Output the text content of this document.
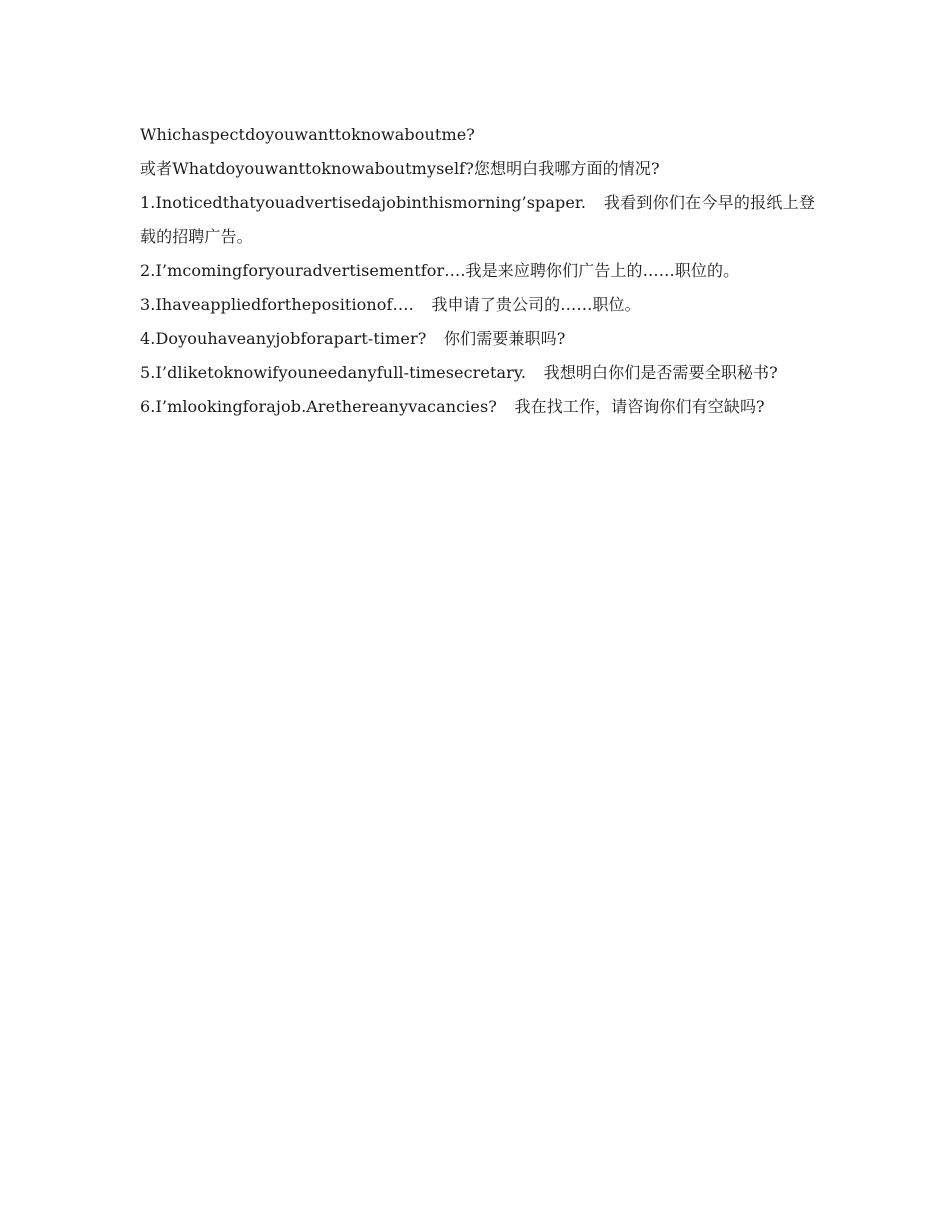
Whichaspectdoyouwanttoknowaboutme?
或者Whatdoyouwanttoknowaboutmyself?您想明白我哪方面的情况?
1.Inoticedthatyouadvertisedajobinthismorning’spaper. 我看到你们在今早的报纸上登载的招聘广告。
2.I’mcomingforyouradvertisementfor….我是来应聘你们广告上的……职位的。
3.Ihaveappliedforthepositionof…. 我申请了贵公司的……职位。
4.Doyouhaveanyjobforapart-timer? 你们需要兼职吗?
5.I’dliketoknowifyouneedanyfull-timesecretary. 我想明白你们是否需要全职秘书?
6.I’mlookingforajob.Arethereanyvacancies? 我在找工作，请咨询你们有空缺吗?
